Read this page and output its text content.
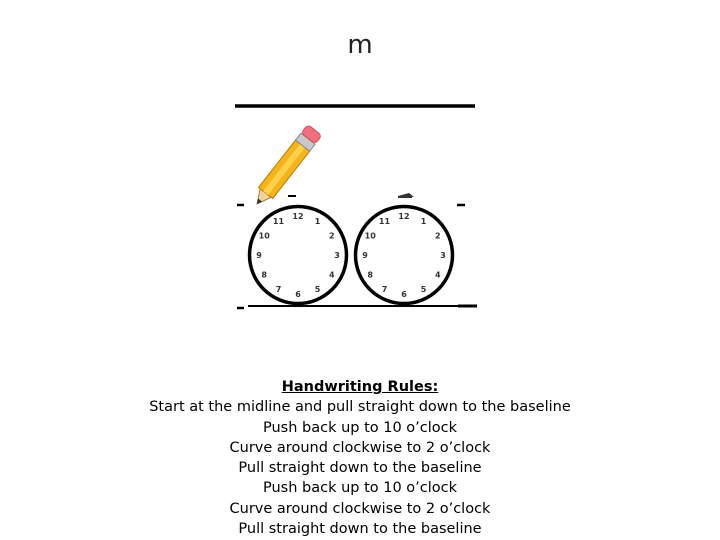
m
12
1
2
3
4
5
6
7
8
9
10
11
12
1
2
3
4
5
6
7
8
9
10
11
Handwriting Rules:
Start at the midline and pull straight down to the baseline
Push back up to 10 o’clock
Curve around clockwise to 2 o’clock
Pull straight down to the baseline
Push back up to 10 o’clock
Curve around clockwise to 2 o’clock
Pull straight down to the baseline
